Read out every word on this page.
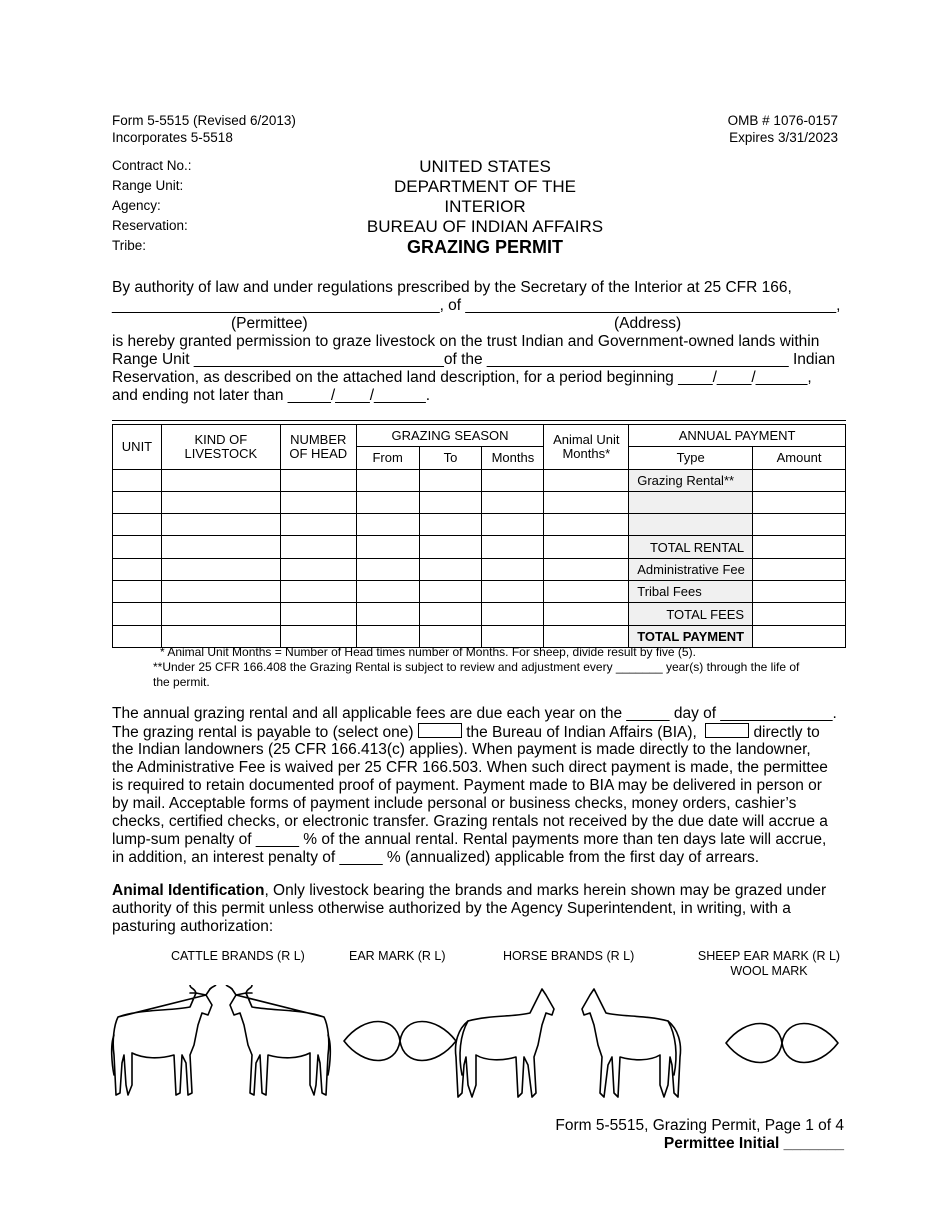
Form 5-5515 (Revised 6/2013)
Incorporates 5-5518
OMB # 1076-0157
Expires 3/31/2023
Contract No.:
Range Unit:
Agency:
Reservation:
Tribe:
UNITED STATES
DEPARTMENT OF THE
INTERIOR
BUREAU OF INDIAN AFFAIRS
GRAZING PERMIT
By authority of law and under regulations prescribed by the Secretary of the Interior at 25 CFR 166,
______________________________________, of ___________________________________________,
(Permittee)	(Address)
is hereby granted permission to graze livestock on the trust Indian and Government-owned lands within
Range Unit _____________________________of the ___________________________________ Indian
Reservation, as described on the attached land description, for a period beginning ____/____/______,
and ending not later than _____/____/______.
UNIT	KIND OF LIVESTOCK	NUMBER OF HEAD	GRAZING SEASON			Animal Unit Months*	ANNUAL PAYMENT	
			From	To	Months		Type	Amount
							Grazing Rental**	

							TOTAL RENTAL	
							Administrative Fee	
							Tribal Fees	
							TOTAL FEES	
							TOTAL PAYMENT	
* Animal Unit Months = Number of Head times number of Months. For sheep, divide result by five (5).
**Under 25 CFR 166.408 the Grazing Rental is subject to review and adjustment every _______ year(s) through the life of
the permit.
The annual grazing rental and all applicable fees are due each year on the _____ day of _____________.
The grazing rental is payable to (select one)	the Bureau of Indian Affairs (BIA),	directly to
the Indian landowners (25 CFR 166.413(c) applies). When payment is made directly to the landowner,
the Administrative Fee is waived per 25 CFR 166.503. When such direct payment is made, the permittee
is required to retain documented proof of payment. Payment made to BIA may be delivered in person or
by mail. Acceptable forms of payment include personal or business checks, money orders, cashier’s
checks, certified checks, or electronic transfer. Grazing rentals not received by the due date will accrue a
lump-sum penalty of _____ % of the annual rental. Rental payments more than ten days late will accrue,
in addition, an interest penalty of _____ % (annualized) applicable from the first day of arrears.
Animal Identification, Only livestock bearing the brands and marks herein shown may be grazed under
authority of this permit unless otherwise authorized by the Agency Superintendent, in writing, with a
pasturing authorization:
CATTLE BRANDS (R L)	EAR MARK (R L)	HORSE BRANDS (R L)	SHEEP EAR MARK (R L)
WOOL MARK
Form 5-5515, Grazing Permit, Page 1 of 4
Permittee Initial _______
